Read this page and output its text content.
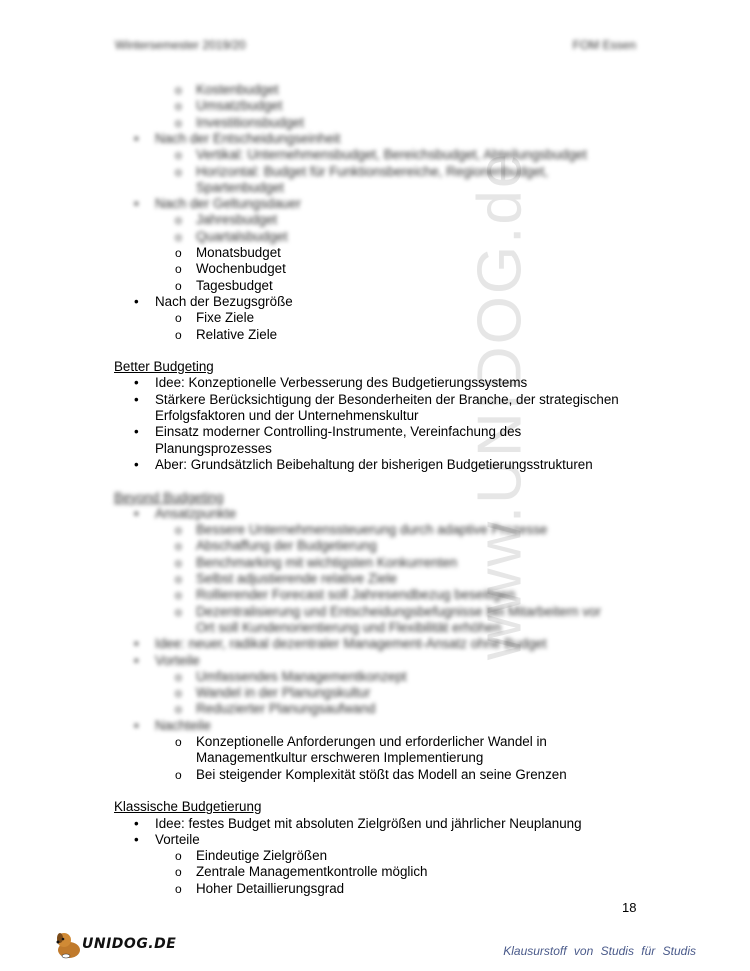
Wintersemester 2019/20	FOM Essen
www.UNIDOG.de
o Kostenbudget
o Umsatzbudget
o Investitionsbudget
• Nach der Entscheidungseinheit
o Vertikal: Unternehmensbudget, Bereichsbudget, Abteilungsbudget
o Horizontal: Budget für Funktionsbereiche, Regionenbudget,
Spartenbudget
• Nach der Geltungsdauer
o Jahresbudget
o Quartalsbudget
o Monatsbudget
o Wochenbudget
o Tagesbudget
• Nach der Bezugsgröße
o Fixe Ziele
o Relative Ziele
Better Budgeting
• Idee: Konzeptionelle Verbesserung des Budgetierungssystems
• Stärkere Berücksichtigung der Besonderheiten der Branche, der strategischen
Erfolgsfaktoren und der Unternehmenskultur
• Einsatz moderner Controlling-Instrumente, Vereinfachung des
Planungsprozesses
• Aber: Grundsätzlich Beibehaltung der bisherigen Budgetierungsstrukturen
Beyond Budgeting
• Ansatzpunkte
o Bessere Unternehmenssteuerung durch adaptive Prozesse
o Abschaffung der Budgetierung
o Benchmarking mit wichtigsten Konkurrenten
o Selbst adjustierende relative Ziele
o Rollierender Forecast soll Jahresendbezug beseitigen
o Dezentralisierung und Entscheidungsbefugnisse bei Mitarbeitern vor
Ort soll Kundenorientierung und Flexibilität erhöhen
• Idee: neuer, radikal dezentraler Management-Ansatz ohne Budget
• Vorteile
o Umfassendes Managementkonzept
o Wandel in der Planungskultur
o Reduzierter Planungsaufwand
• Nachteile
o Konzeptionelle Anforderungen und erforderlicher Wandel in
Managementkultur erschweren Implementierung
o Bei steigender Komplexität stößt das Modell an seine Grenzen
Klassische Budgetierung
• Idee: festes Budget mit absoluten Zielgrößen und jährlicher Neuplanung
• Vorteile
o Eindeutige Zielgrößen
o Zentrale Managementkontrolle möglich
o Hoher Detaillierungsgrad
18
UNIDOG.DE	Klausurstoff von Studis für Studis
